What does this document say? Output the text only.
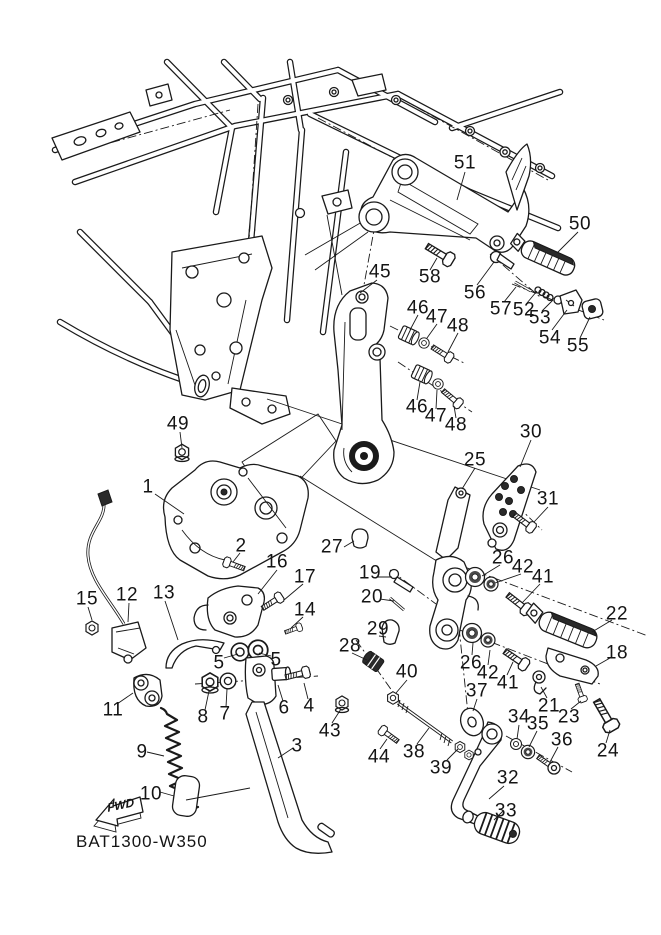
49
1
2	27
16
17 19
20
15 12 13
14
51
58
50
56
57 52
53
54 55
45
46
47
48
46
47
48	30
25
31
26
42
41
22
18
29
28
40 26
42
41
37
21
23
34
35
36
24
44 38
39 32
33
43
3
11
9
10
5 5
8 7	6 4
FWD
BAT1300-W350
